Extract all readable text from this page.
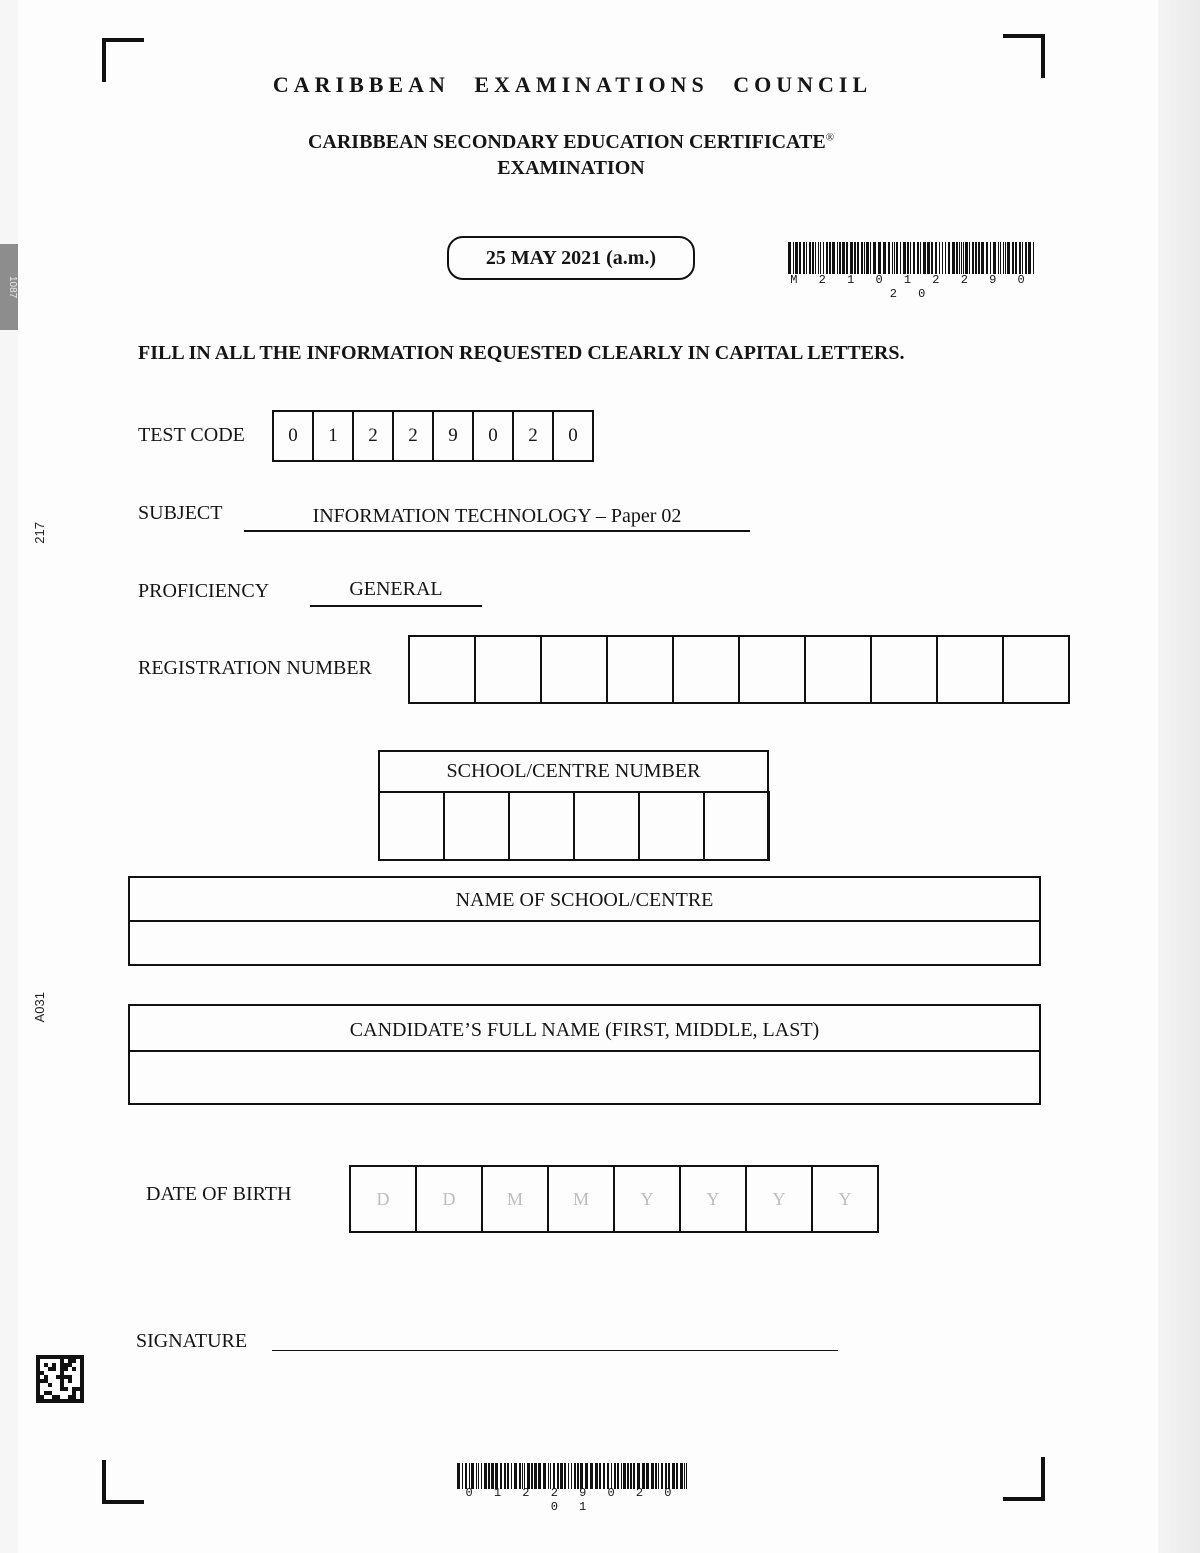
1087
CARIBBEAN EXAMINATIONS COUNCIL
CARIBBEAN SECONDARY EDUCATION CERTIFICATE®
EXAMINATION
25 MAY 2021 (a.m.)
M 2 1 0 1 2 2 9 0 2 0
FILL IN ALL THE INFORMATION REQUESTED CLEARLY IN CAPITAL LETTERS.
TEST CODE	0	1	2	2	9	0	2	0
SUBJECT	INFORMATION TECHNOLOGY – Paper 02
PROFICIENCY	GENERAL
REGISTRATION NUMBER
SCHOOL/CENTRE NUMBER
NAME OF SCHOOL/CENTRE
CANDIDATE’S FULL NAME (FIRST, MIDDLE, LAST)
DATE OF BIRTH	D	D	M	M	Y	Y	Y	Y
SIGNATURE
217
A031
0 1 2 2 9 0 2 0 0 1
